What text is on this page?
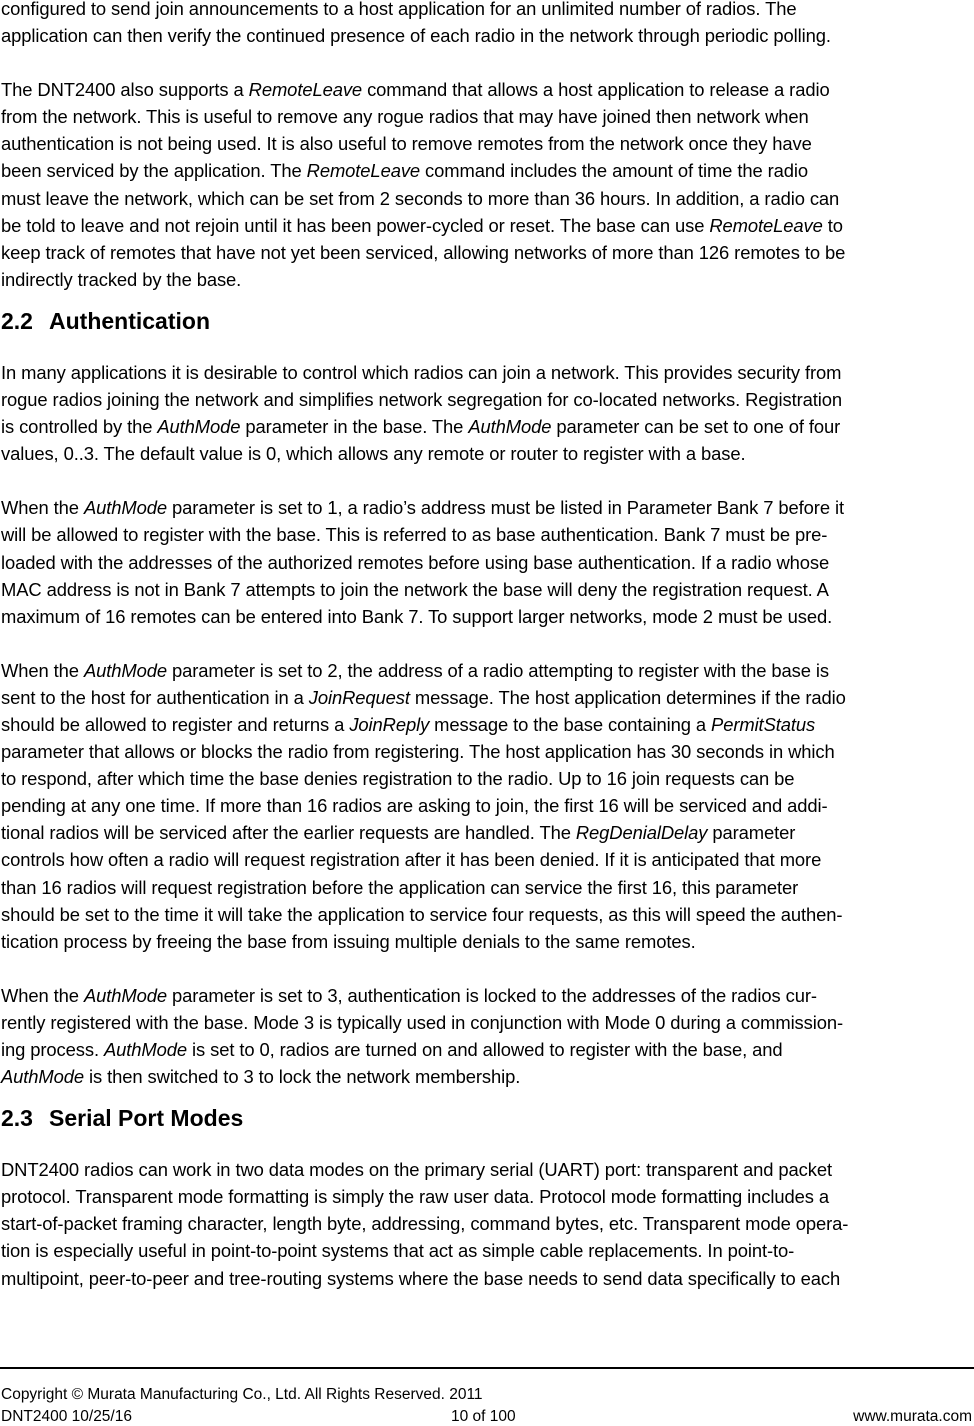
configured to send join announcements to a host application for an unlimited number of radios. The
application can then verify the continued presence of each radio in the network through periodic polling.

The DNT2400 also supports a RemoteLeave command that allows a host application to release a radio
from the network. This is useful to remove any rogue radios that may have joined then network when
authentication is not being used. It is also useful to remove remotes from the network once they have
been serviced by the application. The RemoteLeave command includes the amount of time the radio
must leave the network, which can be set from 2 seconds to more than 36 hours. In addition, a radio can
be told to leave and not rejoin until it has been power-cycled or reset. The base can use RemoteLeave to
keep track of remotes that have not yet been serviced, allowing networks of more than 126 remotes to be
indirectly tracked by the base.

2.2 Authentication

In many applications it is desirable to control which radios can join a network. This provides security from
rogue radios joining the network and simplifies network segregation for co-located networks. Registration
is controlled by the AuthMode parameter in the base. The AuthMode parameter can be set to one of four
values, 0..3. The default value is 0, which allows any remote or router to register with a base.

When the AuthMode parameter is set to 1, a radio’s address must be listed in Parameter Bank 7 before it
will be allowed to register with the base. This is referred to as base authentication. Bank 7 must be pre-
loaded with the addresses of the authorized remotes before using base authentication. If a radio whose
MAC address is not in Bank 7 attempts to join the network the base will deny the registration request. A
maximum of 16 remotes can be entered into Bank 7. To support larger networks, mode 2 must be used.

When the AuthMode parameter is set to 2, the address of a radio attempting to register with the base is
sent to the host for authentication in a JoinRequest message. The host application determines if the radio
should be allowed to register and returns a JoinReply message to the base containing a PermitStatus
parameter that allows or blocks the radio from registering. The host application has 30 seconds in which
to respond, after which time the base denies registration to the radio. Up to 16 join requests can be
pending at any one time. If more than 16 radios are asking to join, the first 16 will be serviced and addi-
tional radios will be serviced after the earlier requests are handled. The RegDenialDelay parameter
controls how often a radio will request registration after it has been denied. If it is anticipated that more
than 16 radios will request registration before the application can service the first 16, this parameter
should be set to the time it will take the application to service four requests, as this will speed the authen-
tication process by freeing the base from issuing multiple denials to the same remotes.

When the AuthMode parameter is set to 3, authentication is locked to the addresses of the radios cur-
rently registered with the base. Mode 3 is typically used in conjunction with Mode 0 during a commission-
ing process. AuthMode is set to 0, radios are turned on and allowed to register with the base, and
AuthMode is then switched to 3 to lock the network membership.

2.3 Serial Port Modes

DNT2400 radios can work in two data modes on the primary serial (UART) port: transparent and packet
protocol. Transparent mode formatting is simply the raw user data. Protocol mode formatting includes a
start-of-packet framing character, length byte, addressing, command bytes, etc. Transparent mode opera-
tion is especially useful in point-to-point systems that act as simple cable replacements. In point-to-
multipoint, peer-to-peer and tree-routing systems where the base needs to send data specifically to each

Copyright © Murata Manufacturing Co., Ltd. All Rights Reserved. 2011
DNT2400 10/25/16	10 of 100	www.murata.com
